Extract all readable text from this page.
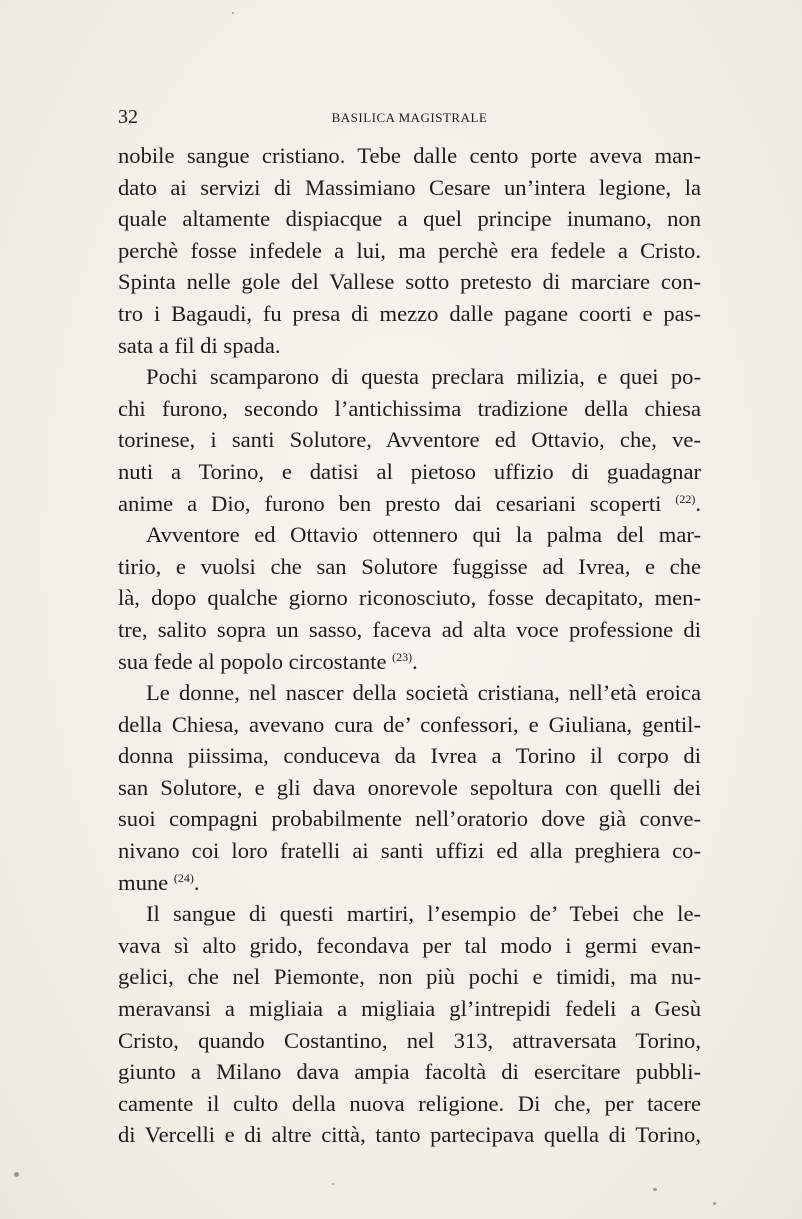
32	BASILICA MAGISTRALE
nobile sangue cristiano. Tebe dalle cento porte aveva man-
dato ai servizi di Massimiano Cesare un’intera legione, la
quale altamente dispiacque a quel principe inumano, non
perchè fosse infedele a lui, ma perchè era fedele a Cristo.
Spinta nelle gole del Vallese sotto pretesto di marciare con-
tro i Bagaudi, fu presa di mezzo dalle pagane coorti e pas-
sata a fil di spada.
Pochi scamparono di questa preclara milizia, e quei po-
chi furono, secondo l’antichissima tradizione della chiesa
torinese, i santi Solutore, Avventore ed Ottavio, che, ve-
nuti a Torino, e datisi al pietoso uffizio di guadagnar
anime a Dio, furono ben presto dai cesariani scoperti $^{(22)}$.
Avventore ed Ottavio ottennero qui la palma del mar-
tirio, e vuolsi che san Solutore fuggisse ad Ivrea, e che
là, dopo qualche giorno riconosciuto, fosse decapitato, men-
tre, salito sopra un sasso, faceva ad alta voce professione di
sua fede al popolo circostante $^{(23)}$.
Le donne, nel nascer della società cristiana, nell’età eroica
della Chiesa, avevano cura de’ confessori, e Giuliana, gentil-
donna piissima, conduceva da Ivrea a Torino il corpo di
san Solutore, e gli dava onorevole sepoltura con quelli dei
suoi compagni probabilmente nell’oratorio dove già conve-
nivano coi loro fratelli ai santi uffizi ed alla preghiera co-
mune $^{(24)}$.
Il sangue di questi martiri, l’esempio de’ Tebei che le-
vava sì alto grido, fecondava per tal modo i germi evan-
gelici, che nel Piemonte, non più pochi e timidi, ma nu-
meravansi a migliaia a migliaia gl’intrepidi fedeli a Gesù
Cristo, quando Costantino, nel 313, attraversata Torino,
giunto a Milano dava ampia facoltà di esercitare pubbli-
camente il culto della nuova religione. Di che, per tacere
di Vercelli e di altre città, tanto partecipava quella di Torino,
